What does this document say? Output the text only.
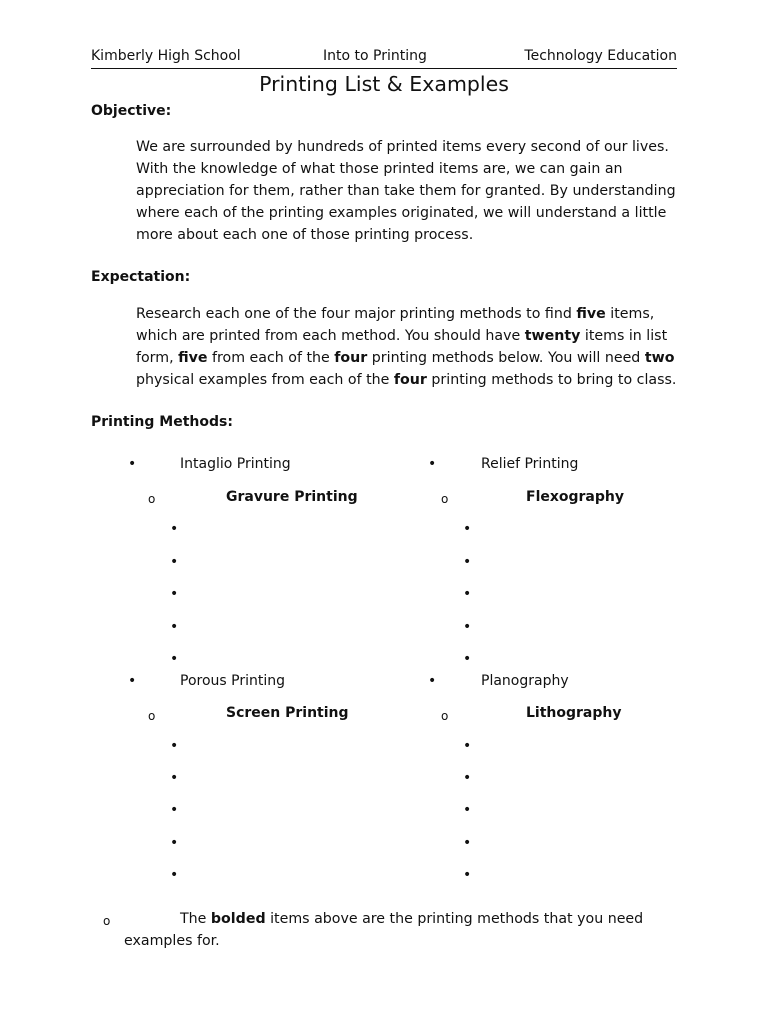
Kimberly High School	Into to Printing	Technology Education
Printing List & Examples
Objective:
We are surrounded by hundreds of printed items every second of our lives.
With the knowledge of what those printed items are, we can gain an
appreciation for them, rather than take them for granted. By understanding
where each of the printing examples originated, we will understand a little
more about each one of those printing process.
Expectation:
Research each one of the four major printing methods to find five items,
which are printed from each method. You should have twenty items in list
form, five from each of the four printing methods below. You will need two
physical examples from each of the four printing methods to bring to class.
Printing Methods:
•	Intaglio Printing
o	Gravure Printing
•
•
•
•
•
•	Relief Printing
o	Flexography
•
•
•
•
•
•	Porous Printing
o	Screen Printing
•
•
•
•
•
•	Planography
o	Lithography
•
•
•
•
•
o	The bolded items above are the printing methods that you need
examples for.
